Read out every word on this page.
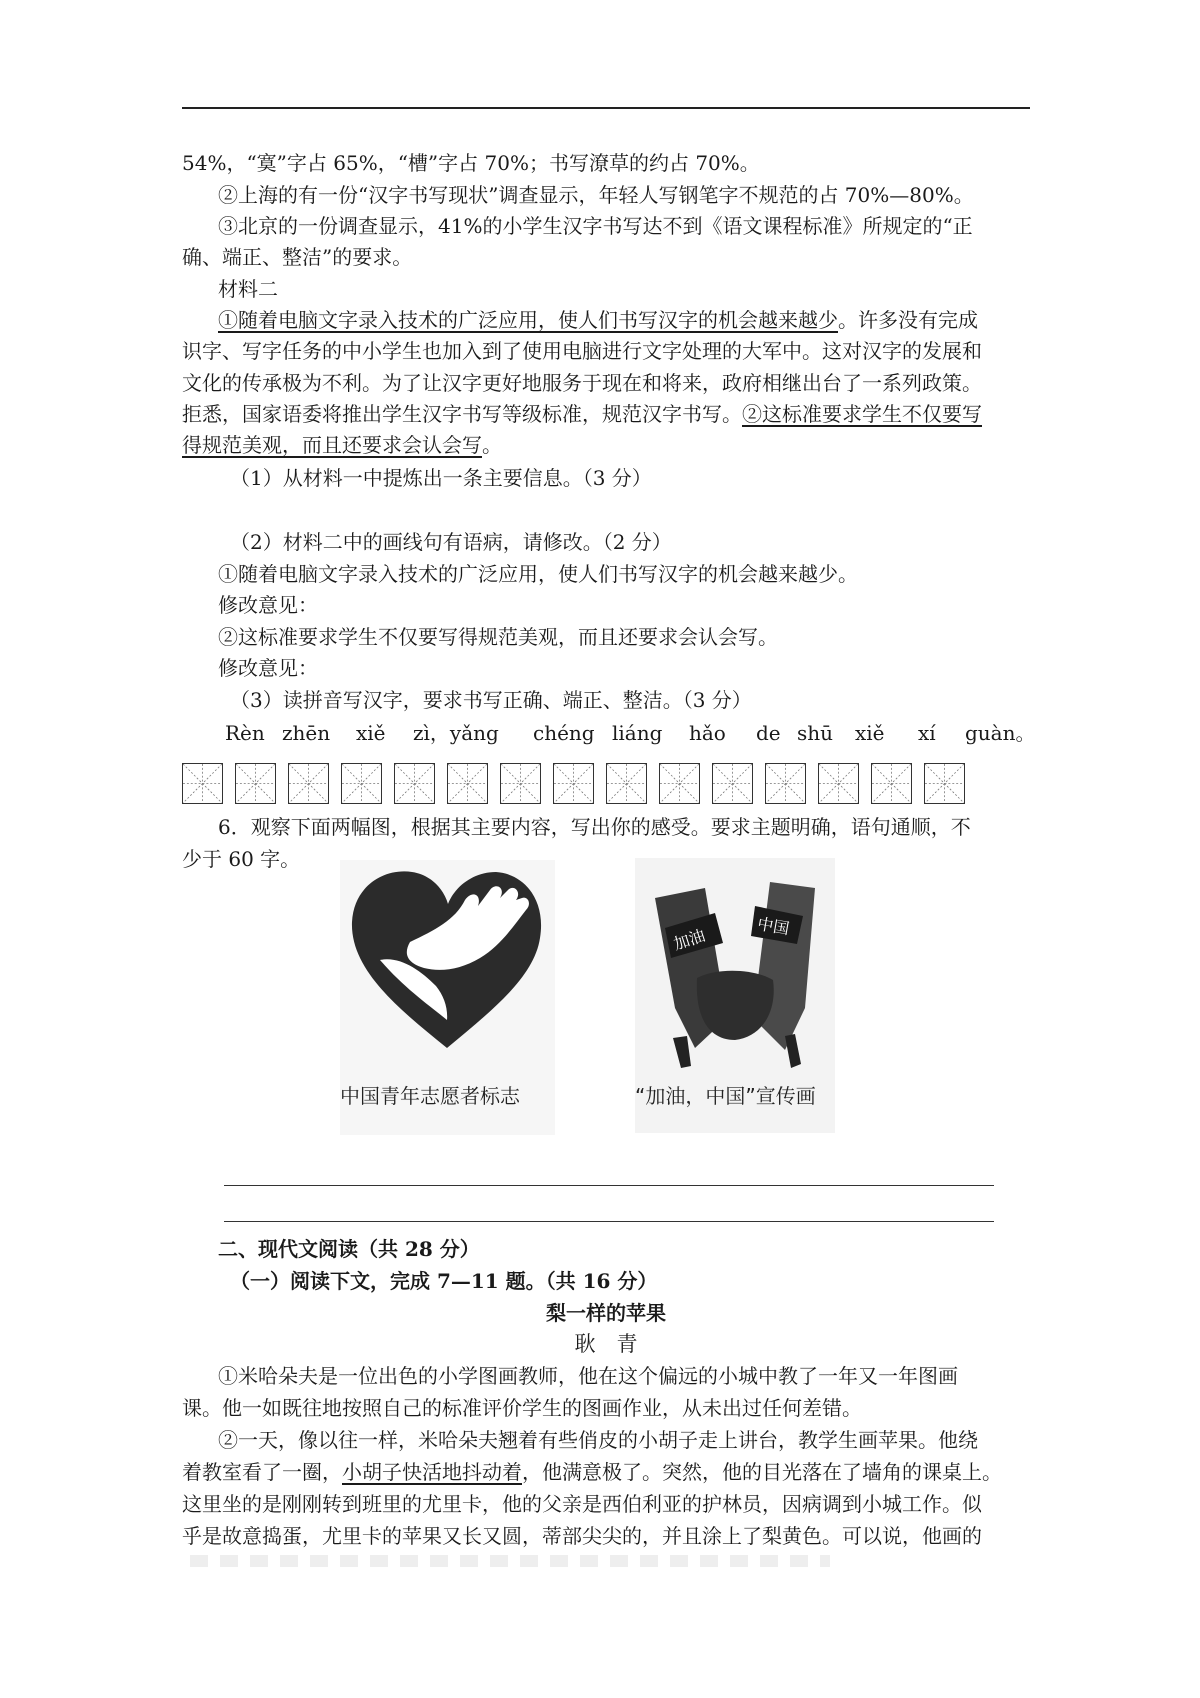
54%，“寞”字占 65%，“槽”字占 70%；书写潦草的约占 70%。
②上海的有一份“汉字书写现状”调查显示，年轻人写钢笔字不规范的占 70%—80%。
③北京的一份调查显示，41%的小学生汉字书写达不到《语文课程标准》所规定的“正
确、端正、整洁”的要求。
材料二
①随着电脑文字录入技术的广泛应用，使人们书写汉字的机会越来越少。许多没有完成
识字、写字任务的中小学生也加入到了使用电脑进行文字处理的大军中。这对汉字的发展和
文化的传承极为不利。为了让汉字更好地服务于现在和将来，政府相继出台了一系列政策。
拒悉，国家语委将推出学生汉字书写等级标准，规范汉字书写。②这标准要求学生不仅要写
得规范美观，而且还要求会认会写。
（1）从材料一中提炼出一条主要信息。（3 分）
（2）材料二中的画线句有语病，请修改。（2 分）
①随着电脑文字录入技术的广泛应用，使人们书写汉字的机会越来越少。
修改意见：
②这标准要求学生不仅要写得规范美观，而且还要求会认会写。
修改意见：
（3）读拼音写汉字，要求书写正确、端正、整洁。（3 分）
Rèn zhēn xiě zì，yǎng chéng liáng hǎo de shū xiě xí guàn。
6．观察下面两幅图，根据其主要内容，写出你的感受。要求主题明确，语句通顺，不
少于 60 字。
中国青年志愿者标志
加油	中国
“加油，中国”宣传画
二、现代文阅读（共 28 分）
（一）阅读下文，完成 7—11 题。（共 16 分）
梨一样的苹果
耿　青
①米哈朵夫是一位出色的小学图画教师，他在这个偏远的小城中教了一年又一年图画
课。他一如既往地按照自己的标准评价学生的图画作业，从未出过任何差错。
②一天，像以往一样，米哈朵夫翘着有些俏皮的小胡子走上讲台，教学生画苹果。他绕
着教室看了一圈，小胡子快活地抖动着，他满意极了。突然，他的目光落在了墙角的课桌上。
这里坐的是刚刚转到班里的尤里卡，他的父亲是西伯利亚的护林员，因病调到小城工作。似
乎是故意捣蛋，尤里卡的苹果又长又圆，蒂部尖尖的，并且涂上了梨黄色。可以说，他画的
